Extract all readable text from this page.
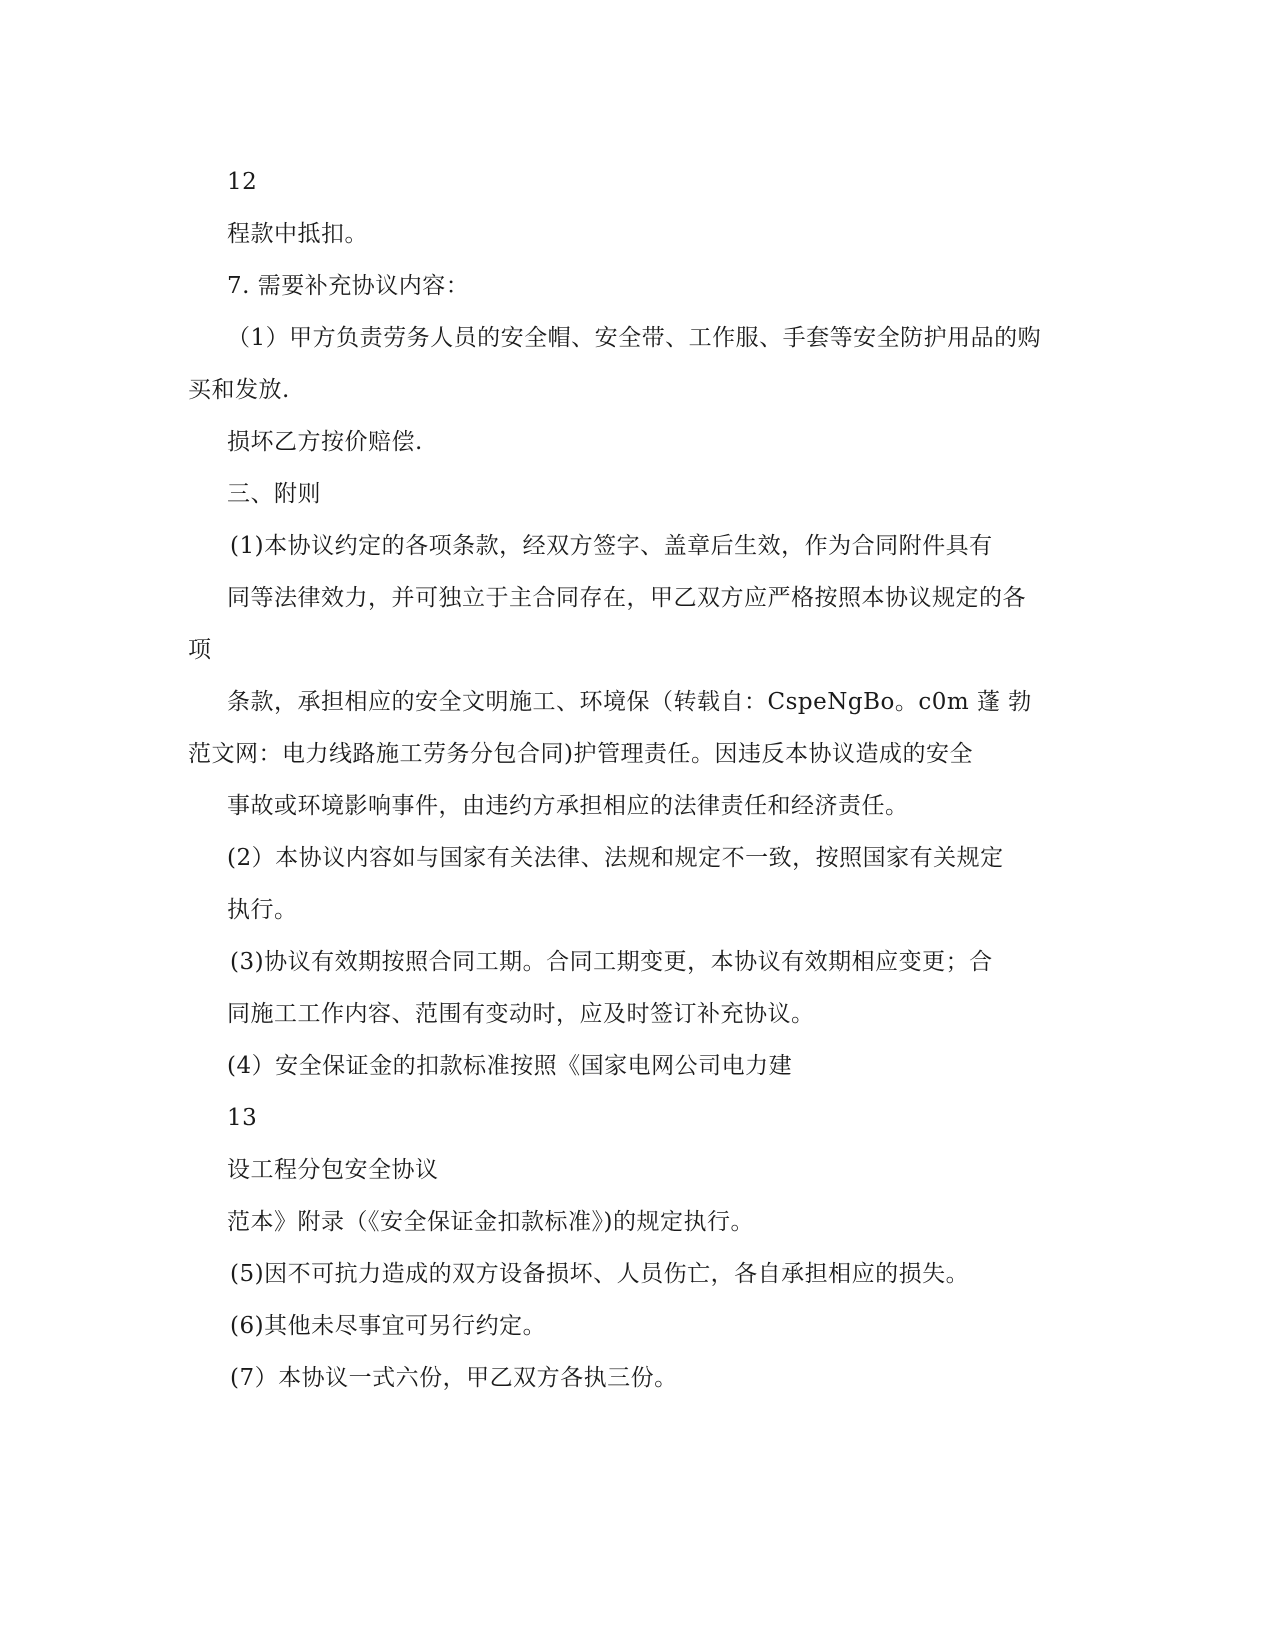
12
程款中抵扣。
7. 需要补充协议内容：
（1）甲方负责劳务人员的安全帽、安全带、工作服、手套等安全防护用品的购
买和发放.
损坏乙方按价赔偿.
三、附则
(1)本协议约定的各项条款，经双方签字、盖章后生效，作为合同附件具有
同等法律效力，并可独立于主合同存在，甲乙双方应严格按照本协议规定的各
项
条款，承担相应的安全文明施工、环境保（转载自：CspeNgBo。c0m 蓬 勃
范文网：电力线路施工劳务分包合同)护管理责任。因违反本协议造成的安全
事故或环境影响事件，由违约方承担相应的法律责任和经济责任。
(2）本协议内容如与国家有关法律、法规和规定不一致，按照国家有关规定
执行。
(3)协议有效期按照合同工期。合同工期变更，本协议有效期相应变更；合
同施工工作内容、范围有变动时，应及时签订补充协议。
(4）安全保证金的扣款标准按照《国家电网公司电力建
13
设工程分包安全协议
范本》附录（《安全保证金扣款标准》)的规定执行。
(5)因不可抗力造成的双方设备损坏、人员伤亡，各自承担相应的损失。
(6)其他未尽事宜可另行约定。
(7）本协议一式六份，甲乙双方各执三份。
